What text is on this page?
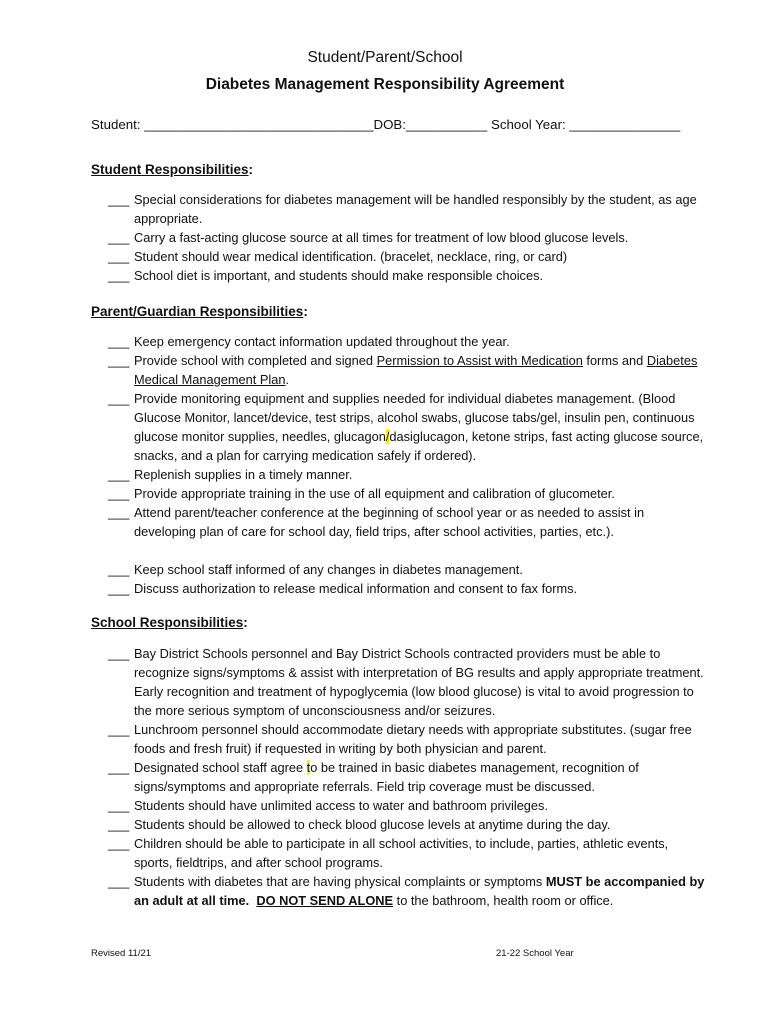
Student/Parent/School
Diabetes Management Responsibility Agreement
Student: _______________________________DOB:___________ School Year: _______________
Student Responsibilities:
___ Special considerations for diabetes management will be handled responsibly by the student, as age appropriate.
___ Carry a fast-acting glucose source at all times for treatment of low blood glucose levels.
___ Student should wear medical identification. (bracelet, necklace, ring, or card)
___ School diet is important, and students should make responsible choices.
Parent/Guardian Responsibilities:
___ Keep emergency contact information updated throughout the year.
___ Provide school with completed and signed Permission to Assist with Medication forms and Diabetes Medical Management Plan.
___ Provide monitoring equipment and supplies needed for individual diabetes management. (Blood Glucose Monitor, lancet/device, test strips, alcohol swabs, glucose tabs/gel, insulin pen, continuous glucose monitor supplies, needles, glucagon/dasiglucagon, ketone strips, fast acting glucose source, snacks, and a plan for carrying medication safely if ordered).
___ Replenish supplies in a timely manner.
___ Provide appropriate training in the use of all equipment and calibration of glucometer.
___ Attend parent/teacher conference at the beginning of school year or as needed to assist in developing plan of care for school day, field trips, after school activities, parties, etc.).
___ Keep school staff informed of any changes in diabetes management.
___ Discuss authorization to release medical information and consent to fax forms.
School Responsibilities:
___ Bay District Schools personnel and Bay District Schools contracted providers must be able to recognize signs/symptoms & assist with interpretation of BG results and apply appropriate treatment. Early recognition and treatment of hypoglycemia (low blood glucose) is vital to avoid progression to the more serious symptom of unconsciousness and/or seizures.
___ Lunchroom personnel should accommodate dietary needs with appropriate substitutes. (sugar free foods and fresh fruit) if requested in writing by both physician and parent.
___ Designated school staff agree to be trained in basic diabetes management, recognition of signs/symptoms and appropriate referrals. Field trip coverage must be discussed.
___ Students should have unlimited access to water and bathroom privileges.
___ Students should be allowed to check blood glucose levels at anytime during the day.
___ Children should be able to participate in all school activities, to include, parties, athletic events, sports, fieldtrips, and after school programs.
___ Students with diabetes that are having physical complaints or symptoms MUST be accompanied by an adult at all time. DO NOT SEND ALONE to the bathroom, health room or office.
Revised 11/21	21-22 School Year
